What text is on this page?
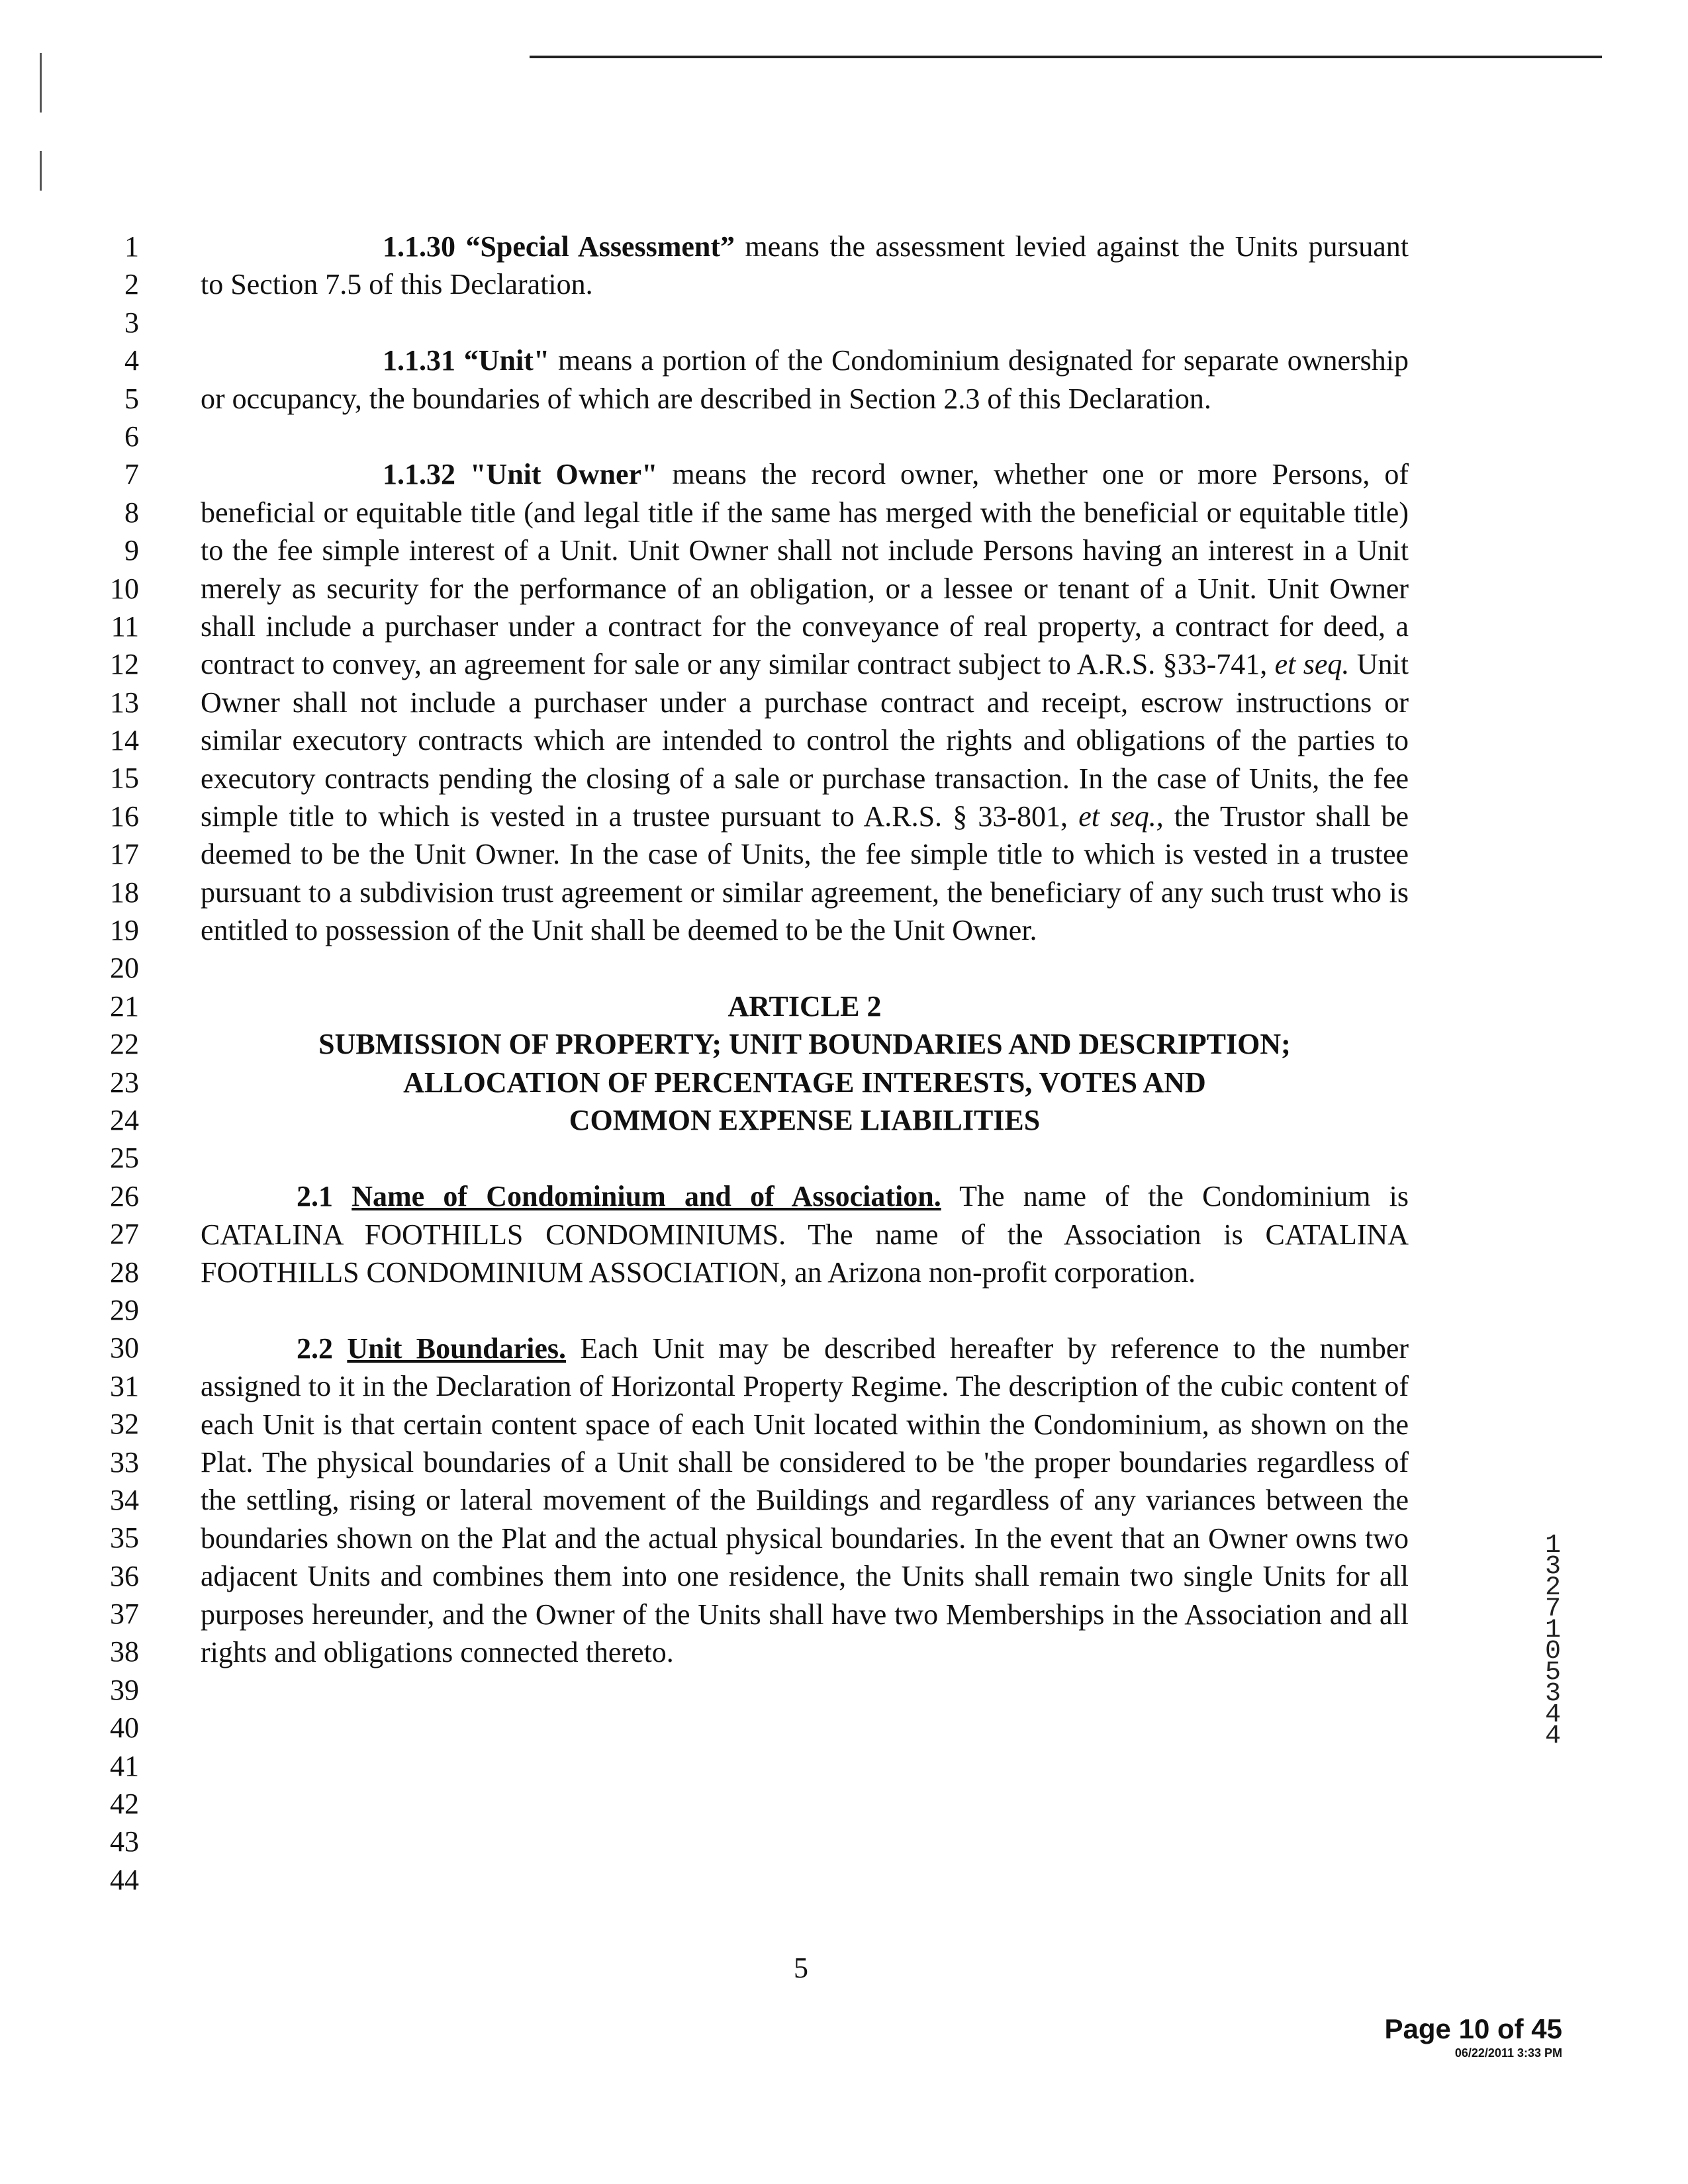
1
2
3
4
5
6
7
8
9
10
11
12
13
14
15
16
17
18
19
20
21
22
23
24
25
26
27
28
29
30
31
32
33
34
35
36
37
38
39
40
41
42
43
44
1.1.30 “Special Assessment” means the assessment levied against the Units pursuant to Section 7.5 of this Declaration.
1.1.31 “Unit" means a portion of the Condominium designated for separate ownership or occupancy, the boundaries of which are described in Section 2.3 of this Declaration.
1.1.32 "Unit Owner" means the record owner, whether one or more Persons, of beneficial or equitable title (and legal title if the same has merged with the beneficial or equitable title) to the fee simple interest of a Unit. Unit Owner shall not include Persons having an interest in a Unit merely as security for the performance of an obligation, or a lessee or tenant of a Unit. Unit Owner shall include a purchaser under a contract for the conveyance of real property, a contract for deed, a contract to convey, an agreement for sale or any similar contract subject to A.R.S. §33-741, et seq. Unit Owner shall not include a purchaser under a purchase contract and receipt, escrow instructions or similar executory contracts which are intended to control the rights and obligations of the parties to executory contracts pending the closing of a sale or purchase transaction. In the case of Units, the fee simple title to which is vested in a trustee pursuant to A.R.S. § 33-801, et seq., the Trustor shall be deemed to be the Unit Owner. In the case of Units, the fee simple title to which is vested in a trustee pursuant to a subdivision trust agreement or similar agreement, the beneficiary of any such trust who is entitled to possession of the Unit shall be deemed to be the Unit Owner.
ARTICLE 2
SUBMISSION OF PROPERTY; UNIT BOUNDARIES AND DESCRIPTION;
ALLOCATION OF PERCENTAGE INTERESTS, VOTES AND
COMMON EXPENSE LIABILITIES
2.1 Name of Condominium and of Association. The name of the Condominium is CATALINA FOOTHILLS CONDOMINIUMS. The name of the Association is CATALINA FOOTHILLS CONDOMINIUM ASSOCIATION, an Arizona non-profit corporation.
2.2 Unit Boundaries. Each Unit may be described hereafter by reference to the number assigned to it in the Declaration of Horizontal Property Regime. The description of the cubic content of each Unit is that certain content space of each Unit located within the Condominium, as shown on the Plat. The physical boundaries of a Unit shall be considered to be 'the proper boundaries regardless of the settling, rising or lateral movement of the Buildings and regardless of any variances between the boundaries shown on the Plat and the actual physical boundaries. In the event that an Owner owns two adjacent Units and combines them into one residence, the Units shall remain two single Units for all purposes hereunder, and the Owner of the Units shall have two Memberships in the Association and all rights and obligations connected thereto.
13271 05344
5
Page 10 of 45
06/22/2011 3:33 PM
